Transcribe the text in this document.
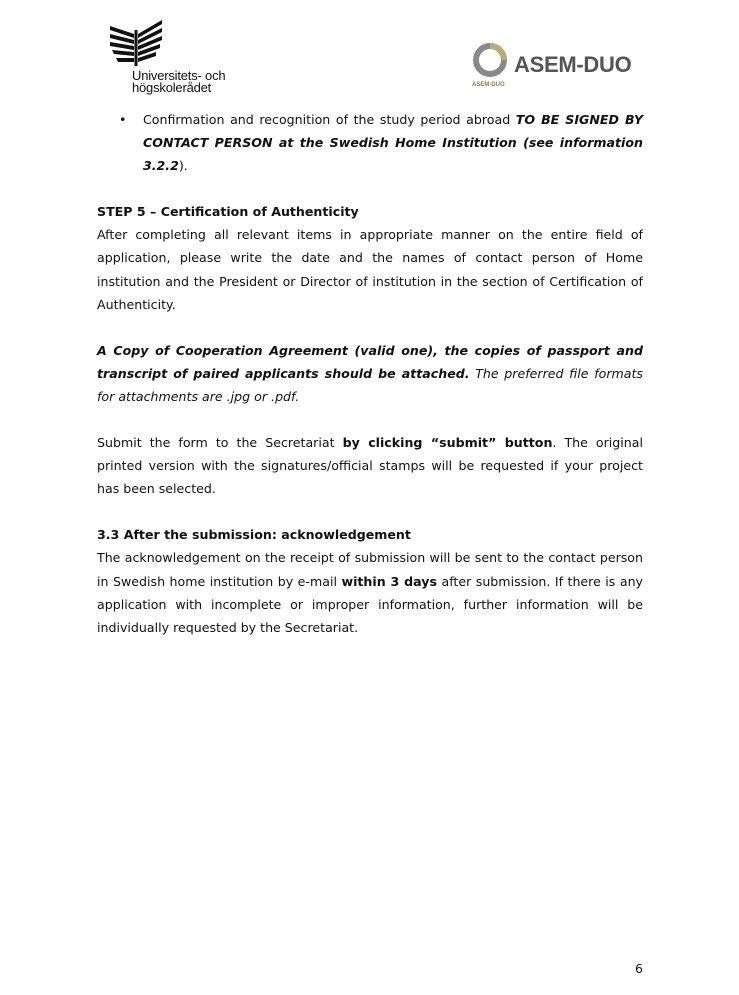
Universitets- och
högskolerådet
ASEM-DUO
ASEM-DUO
• Confirmation and recognition of the study period abroad TO BE SIGNED BY CONTACT PERSON at the Swedish Home Institution (see information 3.2.2).

STEP 5 – Certification of Authenticity

After completing all relevant items in appropriate manner on the entire field of application, please write the date and the names of contact person of Home institution and the President or Director of institution in the section of Certification of Authenticity.

A Copy of Cooperation Agreement (valid one), the copies of passport and transcript of paired applicants should be attached. The preferred file formats for attachments are .jpg or .pdf.

Submit the form to the Secretariat by clicking “submit” button. The original printed version with the signatures/official stamps will be requested if your project has been selected.

3.3 After the submission: acknowledgement

The acknowledgement on the receipt of submission will be sent to the contact person in Swedish home institution by e-mail within 3 days after submission. If there is any application with incomplete or improper information, further information will be individually requested by the Secretariat.

6
